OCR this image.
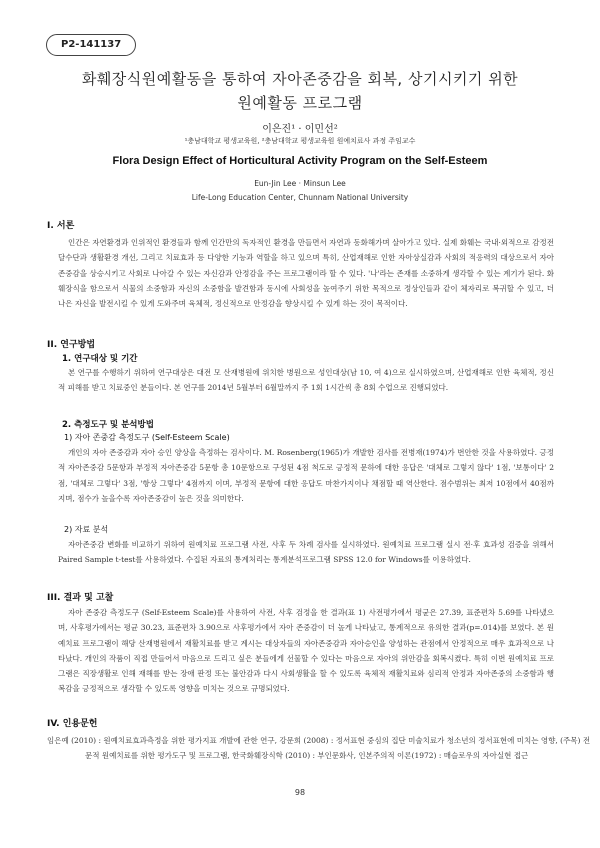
P2-141137
화훼장식원예활동을 통하여 자아존중감을 회복, 상기시키기 위한
원예활동 프로그램
이은진¹ · 이민선²
¹충남대학교 평생교육원, ²충남대학교 평생교육원 원예치료사 과정 주임교수
Flora Design Effect of Horticultural Activity Program on the Self-Esteem
Eun-Jin Lee · Minsun Lee
Life-Long Education Center, Chunnam National University
I. 서론

인간은 자연환경과 인위적인 환경들과 함께 인간만의 독자적인 환경을 만들면서 자연과 동화해가며 살아가고 있다. 실제 화훼는 국내·외적으로 감정전달수단과 생활환경 개선, 그리고 치료효과 등 다양한 기능과 역할을 하고 있으며 특히, 산업재해로 인한 자아상실감과 사회의 적응력의 대상으로서 자아존중감을 상승시키고 사회로 나아갈 수 있는 자신감과 안정감을 주는 프로그램이라 할 수 있다. '나'라는 존재를 소중하게 생각할 수 있는 계기가 된다. 화훼장식을 함으로서 식물의 소중함과 자신의 소중함을 발견함과 동시에 사회성을 높여주기 위한 목적으로 정상인들과 같이 체자리로 복귀할 수 있고, 더 나은 자신을 발전시킬 수 있게 도와주며 육체적, 정신적으로 안정감을 향상시킬 수 있게 하는 것이 목적이다.

II. 연구방법
1. 연구대상 및 기간

본 연구를 수행하기 위하여 연구대상은 대전 모 산재병원에 위치한 병원으로 성인대상(남 10, 여 4)으로 실시하였으며, 산업재해로 인한 육체적, 정신적 피해를 받고 치료중인 분들이다. 본 연구를 2014년 5월부터 6월말까지 주 1회 1시간씩 총 8회 수업으로 진행되었다.

2. 측정도구 및 분석방법
1) 자아 존중감 측정도구 (Self-Esteem Scale)

개인의 자아 존중감과 자아 승인 양상을 측정하는 검사이다. M. Rosenberg(1965)가 개발한 검사를 전병재(1974)가 번안한 것을 사용하였다. 긍정적 자아존중감 5문항과 부정적 자아존중감 5문항 총 10문항으로 구성된 4점 척도로 긍정적 문하에 대한 응답은 '대체로 그렇지 않다' 1점, '보통이다' 2점, '대체로 그렇다' 3점, '항상 그렇다' 4점까지 이며, 부정적 문항에 대한 응답도 마찬가지이나 채점할 때 역산한다. 점수범위는 최저 10점에서 40점까지며, 점수가 높을수록 자아존중감이 높은 것을 의미한다.

2) 자료 분석

자아존중감 변화를 비교하기 위하여 원예치료 프로그램 사전, 사후 두 차례 검사를 실시하였다. 원예치료 프로그램 실시 전·후 효과성 검증을 위해서 Paired Sample t-test를 사용하였다. 수집된 자료의 통계처리는 통계분석프로그램 SPSS 12.0 for Windows를 이용하였다.

III. 결과 및 고찰

자아 존중감 측정도구 (Self-Esteem Scale)를 사용하여 사전, 사후 검정을 한 결과(표 1) 사전평가에서 평균은 27.39, 표준편차 5.69를 나타냈으며, 사후평가에서는 평균 30.23, 표준편차 3.90으로 사후평가에서 자아 존중감이 더 높게 나타났고, 통계적으로 유의한 결과(p=.014)를 보였다. 본 원예치료 프로그램이 해당 산재병원에서 재활치료를 받고 계시는 대상자들의 자아존중감과 자아승인을 양성하는 관점에서 안정적으로 매우 효과적으로 나타났다. 개인의 작품이 직접 만들어서 마음으로 드리고 싶은 분들에게 선물할 수 있다는 마음으로 자아의 위안감을 회복시켰다. 특히 이번 원예치료 프로그램은 직장생활로 인해 재해를 받는 장애 판정 또는 불안감과 다시 사회생활을 할 수 있도록 육체적 재활치료와 심리적 안정과 자아존중의 소중함과 행복감을 긍정적으로 생각할 수 있도록 영향을 미치는 것으로 규명되었다.

IV. 인용문헌

임은예 (2010) : 원예치료효과측정을 위한 평가지표 개발에 관한 연구, 강문희 (2008) : 정서표현 중심의 집단 미술치료가 청소년의 정서표현에 미치는 영향, (주목) 전문적 원예치료를 위한 평가도구 및 프로그램, 한국화훼장식학 (2010) : 부인문화사, 인본주의적 이론(1972) : 매슬로우의 자아실현 접근

98
